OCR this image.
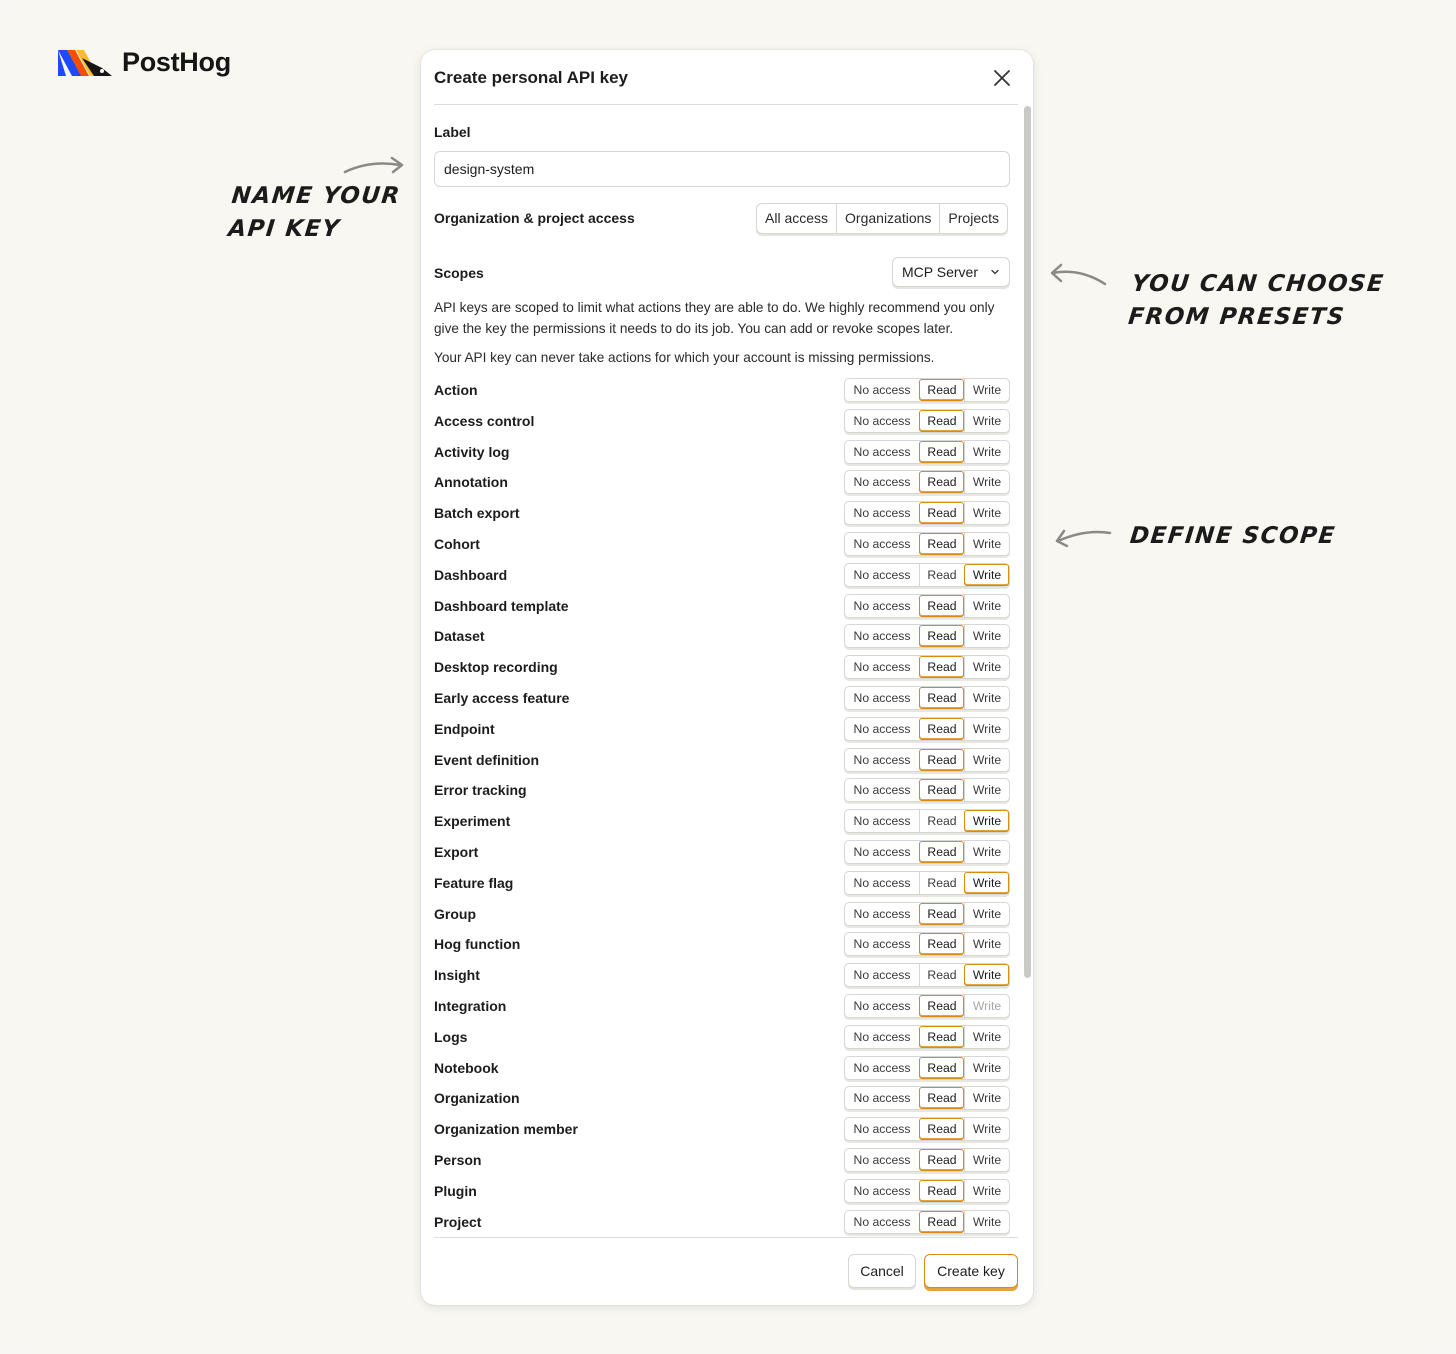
PostHog
NAME YOUR
API KEY
YOU CAN CHOOSE
FROM PRESETS
DEFINE SCOPE
Create personal API key
Label
design-system
Organization & project access	All access	Organizations	Projects
Scopes	MCP Server
API keys are scoped to limit what actions they are able to do. We highly recommend you only give the key the permissions it needs to do its job. You can add or revoke scopes later.
Your API key can never take actions for which your account is missing permissions.
Action	No access	Read	Write
Access control	No access	Read	Write
Activity log	No access	Read	Write
Annotation	No access	Read	Write
Batch export	No access	Read	Write
Cohort	No access	Read	Write
Dashboard	No access	Read	Write
Dashboard template	No access	Read	Write
Dataset	No access	Read	Write
Desktop recording	No access	Read	Write
Early access feature	No access	Read	Write
Endpoint	No access	Read	Write
Event definition	No access	Read	Write
Error tracking	No access	Read	Write
Experiment	No access	Read	Write
Export	No access	Read	Write
Feature flag	No access	Read	Write
Group	No access	Read	Write
Hog function	No access	Read	Write
Insight	No access	Read	Write
Integration	No access	Read	Write
Logs	No access	Read	Write
Notebook	No access	Read	Write
Organization	No access	Read	Write
Organization member	No access	Read	Write
Person	No access	Read	Write
Plugin	No access	Read	Write
Project	No access	Read	Write
Cancel	Create key
